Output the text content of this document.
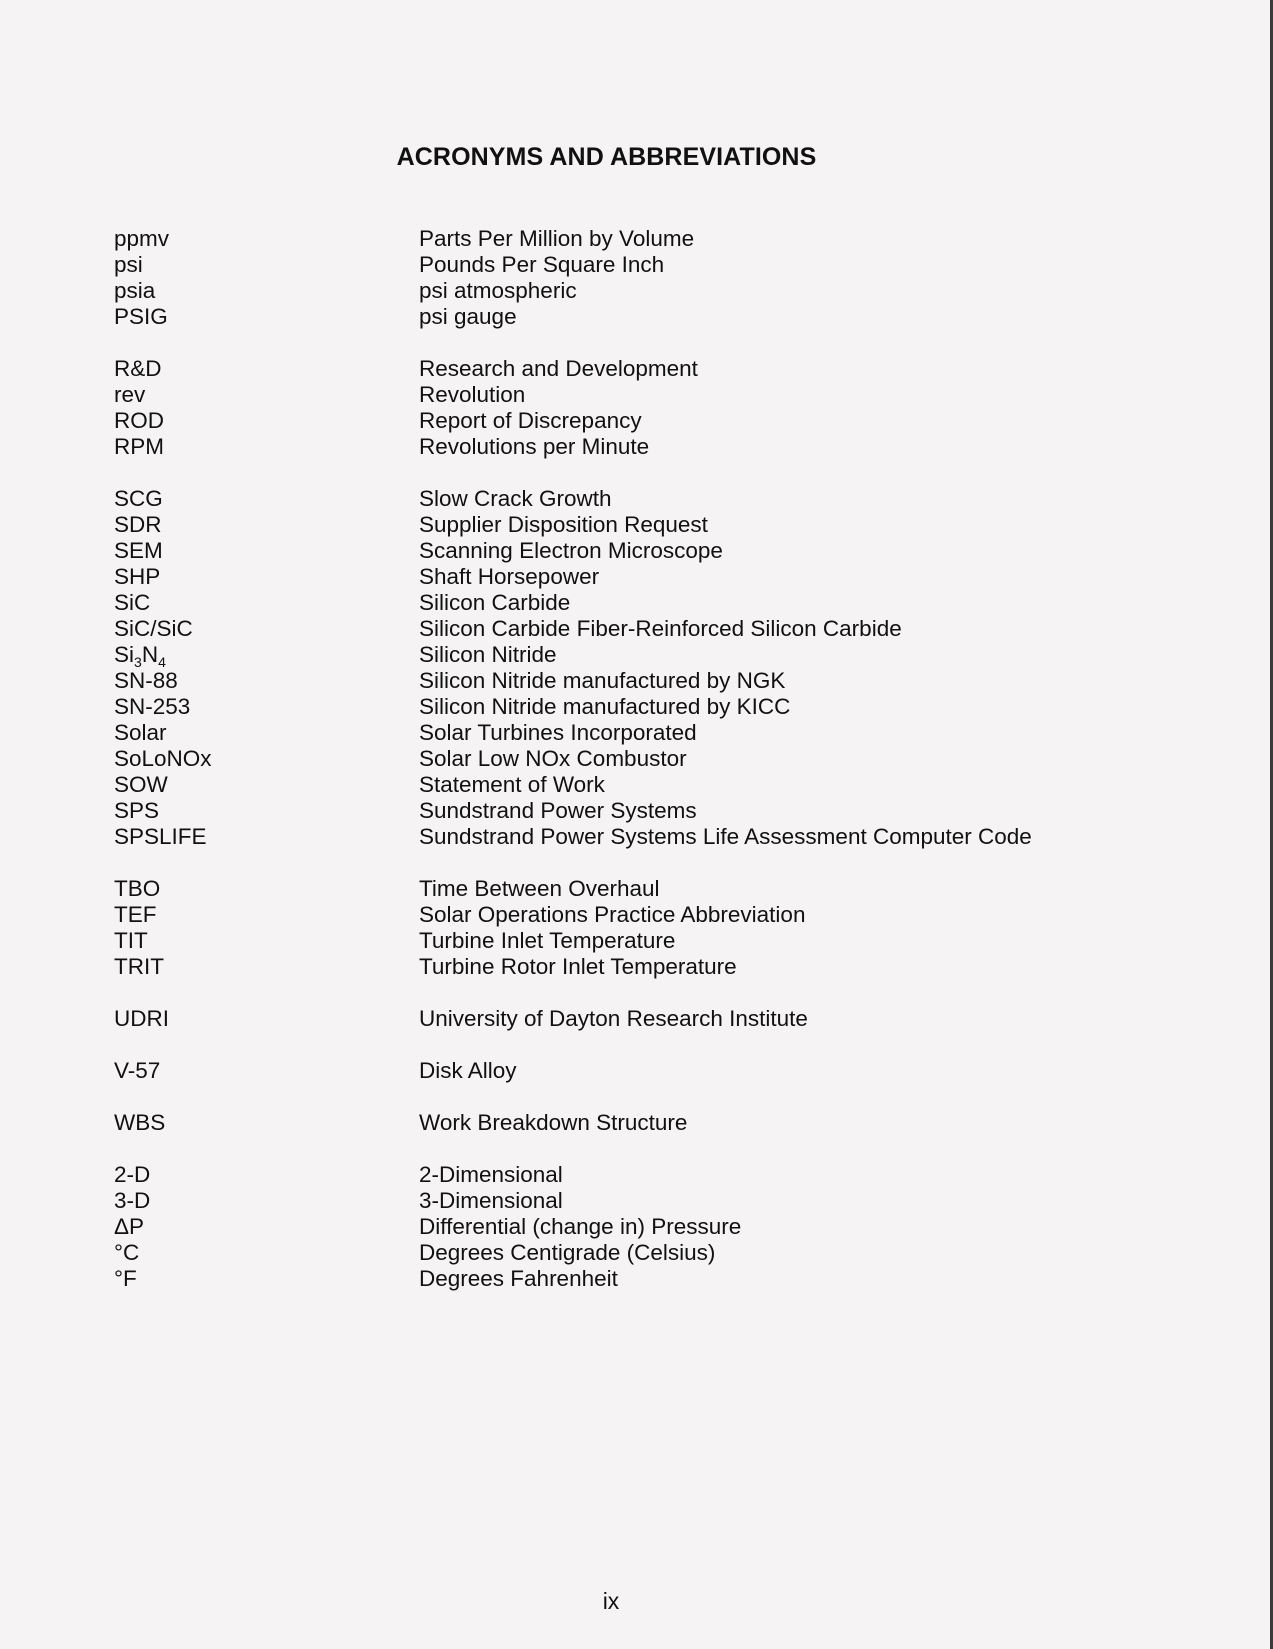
ACRONYMS AND ABBREVIATIONS
ppmv	Parts Per Million by Volume
psi	Pounds Per Square Inch
psia	psi atmospheric
PSIG	psi gauge
R&D	Research and Development
rev	Revolution
ROD	Report of Discrepancy
RPM	Revolutions per Minute
SCG	Slow Crack Growth
SDR	Supplier Disposition Request
SEM	Scanning Electron Microscope
SHP	Shaft Horsepower
SiC	Silicon Carbide
SiC/SiC	Silicon Carbide Fiber-Reinforced Silicon Carbide
$Si_3N_4$	Silicon Nitride
SN-88	Silicon Nitride manufactured by NGK
SN-253	Silicon Nitride manufactured by KICC
Solar	Solar Turbines Incorporated
SoLoNOx	Solar Low NOx Combustor
SOW	Statement of Work
SPS	Sundstrand Power Systems
SPSLIFE	Sundstrand Power Systems Life Assessment Computer Code
TBO	Time Between Overhaul
TEF	Solar Operations Practice Abbreviation
TIT	Turbine Inlet Temperature
TRIT	Turbine Rotor Inlet Temperature
UDRI	University of Dayton Research Institute
V-57	Disk Alloy
WBS	Work Breakdown Structure
2-D	2-Dimensional
3-D	3-Dimensional
ΔP	Differential (change in) Pressure
°C	Degrees Centigrade (Celsius)
°F	Degrees Fahrenheit
ix
